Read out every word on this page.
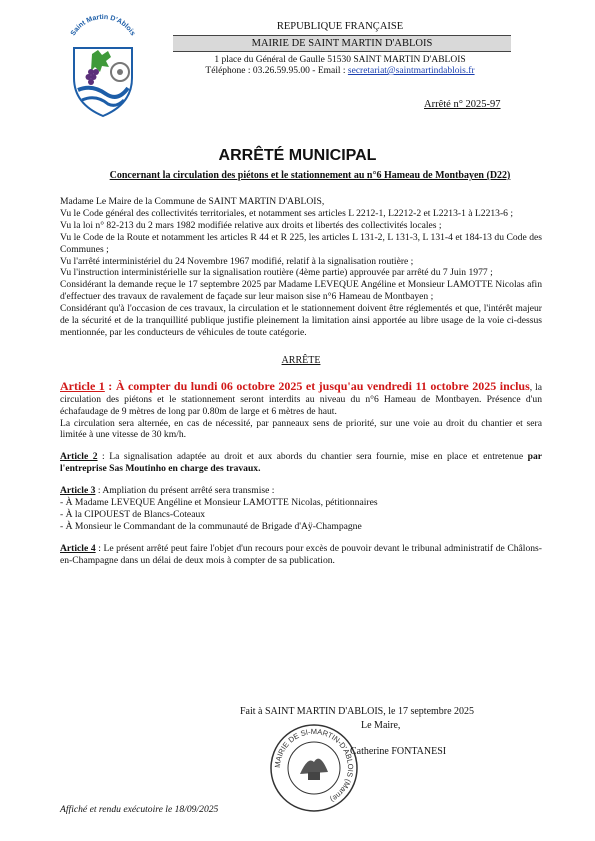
Saint Martin D'Ablois
REPUBLIQUE FRANÇAISE
MAIRIE DE SAINT MARTIN D'ABLOIS
1 place du Général de Gaulle 51530 SAINT MARTIN D'ABLOIS
Téléphone : 03.26.59.95.00 - Email : secretariat@saintmartindablois.fr
Arrêté n° 2025-97
ARRÊTÉ MUNICIPAL
Concernant la circulation des piétons et le stationnement au n°6 Hameau de Montbayen (D22)

Madame Le Maire de la Commune de SAINT MARTIN D'ABLOIS,

Vu le Code général des collectivités territoriales, et notamment ses articles L 2212-1, L2212-2 et L2213-1 à L2213-6 ;

Vu la loi n° 82-213 du 2 mars 1982 modifiée relative aux droits et libertés des collectivités locales ;

Vu le Code de la Route et notamment les articles R 44 et R 225, les articles L 131-2, L 131-3, L 131-4 et 184-13 du Code des Communes ;

Vu l'arrêté interministériel du 24 Novembre 1967 modifié, relatif à la signalisation routière ;

Vu l'instruction interministérielle sur la signalisation routière (4ème partie) approuvée par arrêté du 7 Juin 1977 ;

Considérant la demande reçue le 17 septembre 2025 par Madame LEVEQUE Angéline et Monsieur LAMOTTE Nicolas afin d'effectuer des travaux de ravalement de façade sur leur maison sise n°6 Hameau de Montbayen ;

Considérant qu'à l'occasion de ces travaux, la circulation et le stationnement doivent être réglementés et que, l'intérêt majeur de la sécurité et de la tranquillité publique justifie pleinement la limitation ainsi apportée au libre usage de la voie ci-dessus mentionnée, par les conducteurs de véhicules de toute catégorie.

ARRÊTE

Article 1 : À compter du lundi 06 octobre 2025 et jusqu'au vendredi 11 octobre 2025 inclus, la circulation des piétons et le stationnement seront interdits au niveau du n°6 Hameau de Montbayen. Présence d'un échafaudage de 9 mètres de long par 0.80m de large et 6 mètres de haut.

La circulation sera alternée, en cas de nécessité, par panneaux sens de priorité, sur une voie au droit du chantier et sera limitée à une vitesse de 30 km/h.

Article 2 : La signalisation adaptée au droit et aux abords du chantier sera fournie, mise en place et entretenue par l'entreprise Sas Moutinho en charge des travaux.

Article 3 : Ampliation du présent arrêté sera transmise :

- À Madame LEVEQUE Angéline et Monsieur LAMOTTE Nicolas, pétitionnaires

- À la CIPOUEST de Blancs-Coteaux

- À Monsieur le Commandant de la communauté de Brigade d'Aÿ-Champagne

Article 4 : Le présent arrêté peut faire l'objet d'un recours pour excès de pouvoir devant le tribunal administratif de Châlons-en-Champagne dans un délai de deux mois à compter de sa publication.

Fait à SAINT MARTIN D'ABLOIS, le 17 septembre 2025
Le Maire,
MAIRIE DE SI-MARTIN-D'ABLOIS (Marne)
Catherine FONTANESI
Affiché et rendu exécutoire le 18/09/2025
